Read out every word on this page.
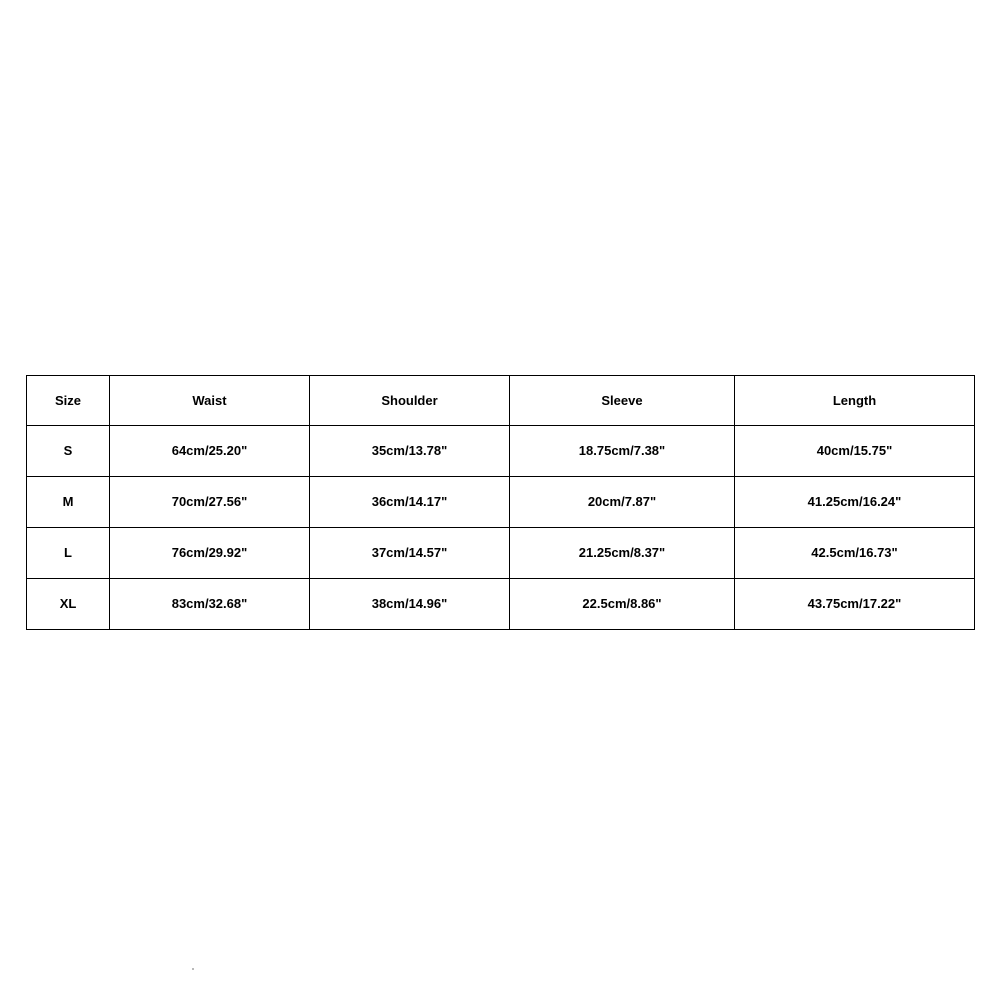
Size	Waist	Shoulder	Sleeve	Length
S	64cm/25.20"	35cm/13.78"	18.75cm/7.38"	40cm/15.75"
M	70cm/27.56"	36cm/14.17"	20cm/7.87"	41.25cm/16.24"
L	76cm/29.92"	37cm/14.57"	21.25cm/8.37"	42.5cm/16.73"
XL	83cm/32.68"	38cm/14.96"	22.5cm/8.86"	43.75cm/17.22"
